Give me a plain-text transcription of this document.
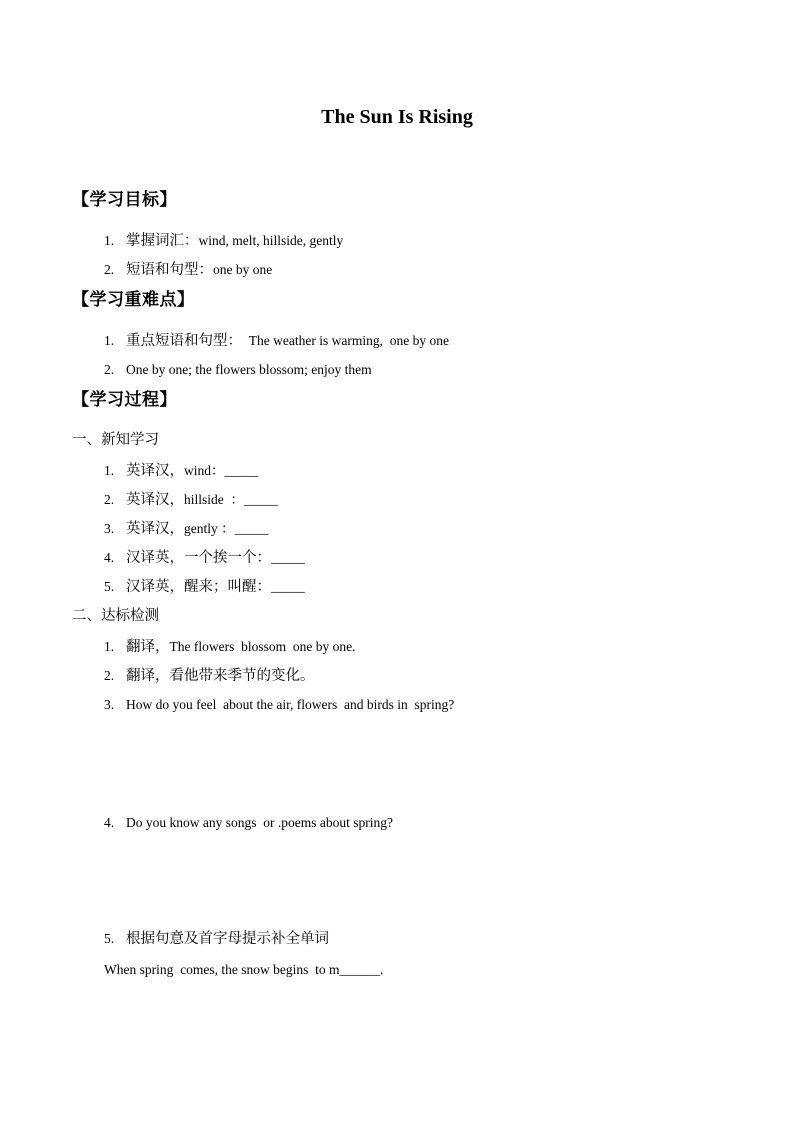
The Sun Is Rising
【学习目标】
1. 掌握词汇：wind, melt, hillside, gently
2. 短语和句型：one by one
【学习重难点】
1. 重点短语和句型：  The weather is warming,  one by one
2. One by one; the flowers blossom; enjoy them
【学习过程】
一、新知学习
1. 英译汉，wind：_____
2. 英译汉，hillside  ：_____
3. 英译汉，gently ：_____
4. 汉译英，一个挨一个：_____
5. 汉译英，醒来；叫醒：_____
二、达标检测
1. 翻译，The flowers  blossom  one by one.
2. 翻译，看他带来季节的变化。
3. How do you feel  about the air, flowers  and birds in  spring?
4. Do you know any songs  or .poems about spring?
5. 根据句意及首字母提示补全单词
When spring  comes, the snow begins  to m______.
